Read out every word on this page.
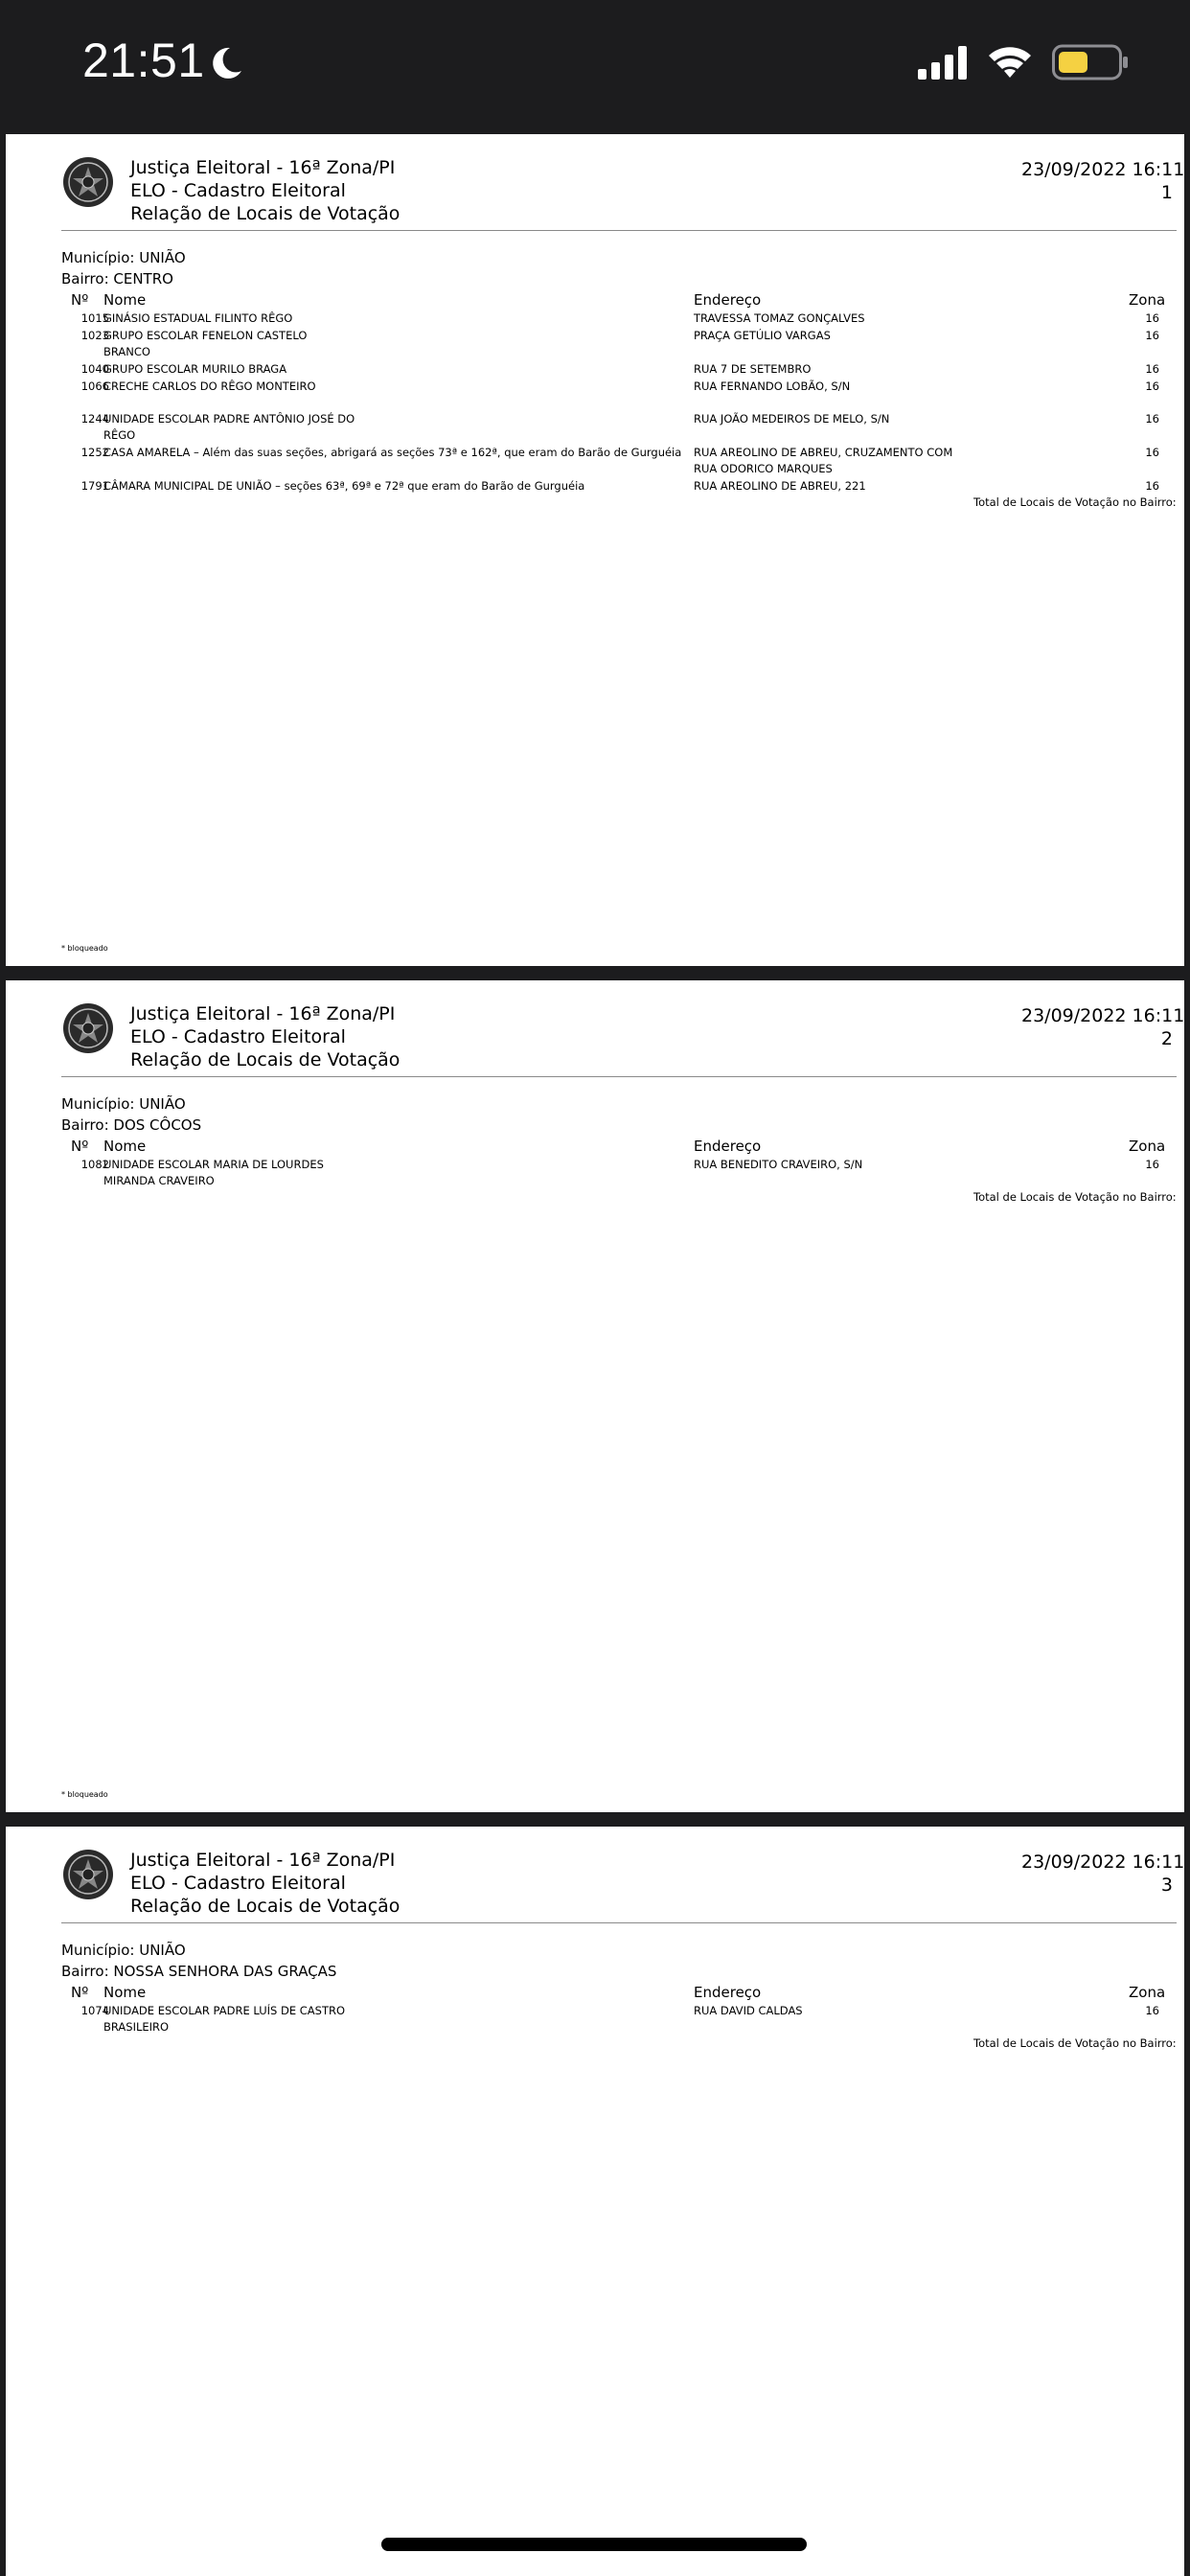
21:51
Justiça Eleitoral - 16ª Zona/PI
ELO - Cadastro Eleitoral
Relação de Locais de Votação
23/09/2022 16:11
1
Município: UNIÃO
Bairro: CENTRO
Nº Nome	Endereço	Zona
1015
GINÁSIO ESTADUAL FILINTO RÊGO	TRAVESSA TOMAZ GONÇALVES	16
1023
GRUPO ESCOLAR FENELON CASTELO
BRANCO
PRAÇA GETÚLIO VARGAS	16
1040
GRUPO ESCOLAR MURILO BRAGA	RUA 7 DE SETEMBRO	16
1066
CRECHE CARLOS DO RÊGO MONTEIRO	RUA FERNANDO LOBÃO, S/N	16
1244
UNIDADE ESCOLAR PADRE ANTÔNIO JOSÉ DO
RÊGO
RUA JOÃO MEDEIROS DE MELO, S/N	16
1252
CASA AMARELA – Além das suas seções, abrigará as seções 73ª e 162ª, que eram do Barão de Gurguéia	RUA AREOLINO DE ABREU, CRUZAMENTO COM RUA ODORICO MARQUES
16
1791
CÂMARA MUNICIPAL DE UNIÃO – seções 63ª, 69ª e 72ª que eram do Barão de Gurguéia	RUA AREOLINO DE ABREU, 221	16
Total de Locais de Votação no Bairro:
* bloqueado
Justiça Eleitoral - 16ª Zona/PI
ELO - Cadastro Eleitoral
Relação de Locais de Votação
23/09/2022 16:11
2
Município: UNIÃO
Bairro: DOS CÔCOS
Nº Nome	Endereço	Zona
1082
UNIDADE ESCOLAR MARIA DE LOURDES
MIRANDA CRAVEIRO
RUA BENEDITO CRAVEIRO, S/N	16
Total de Locais de Votação no Bairro:
* bloqueado
Justiça Eleitoral - 16ª Zona/PI
ELO - Cadastro Eleitoral
Relação de Locais de Votação
23/09/2022 16:11
3
Município: UNIÃO
Bairro: NOSSA SENHORA DAS GRAÇAS
Nº Nome	Endereço	Zona
1074
UNIDADE ESCOLAR PADRE LUÍS DE CASTRO
BRASILEIRO
RUA DAVID CALDAS	16
Total de Locais de Votação no Bairro:
